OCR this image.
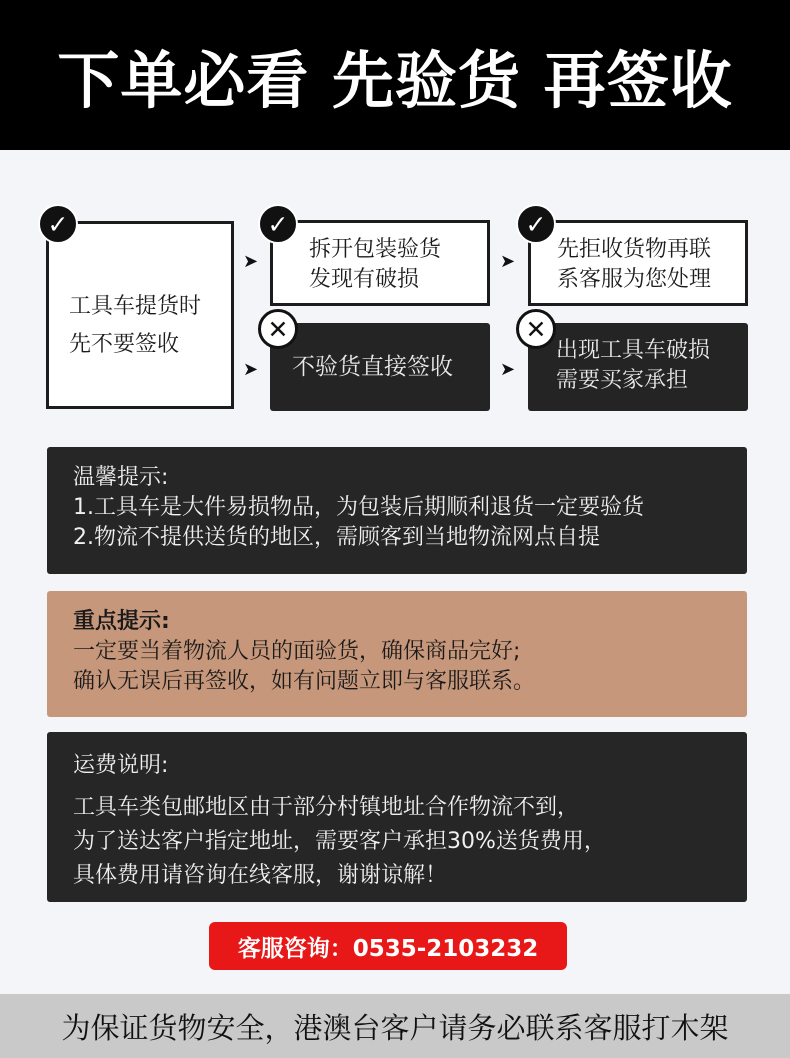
下单必看 先验货 再签收
工具车提货时
先不要签收
✓
➤
➤
拆开包装验货
发现有破损
✓
➤ 先拒收货物再联
系客服为您处理
✓
不验货直接签收
✕
➤
出现工具车破损
需要买家承担
✕
温馨提示:
1.工具车是大件易损物品，为包装后期顺利退货一定要验货
2.物流不提供送货的地区，需顾客到当地物流网点自提
重点提示:
一定要当着物流人员的面验货，确保商品完好;
确认无误后再签收，如有问题立即与客服联系。
运费说明:
工具车类包邮地区由于部分村镇地址合作物流不到，
为了送达客户指定地址，需要客户承担30%送货费用，
具体费用请咨询在线客服，谢谢谅解！
客服咨询：0535-2103232
为保证货物安全，港澳台客户请务必联系客服打木架
